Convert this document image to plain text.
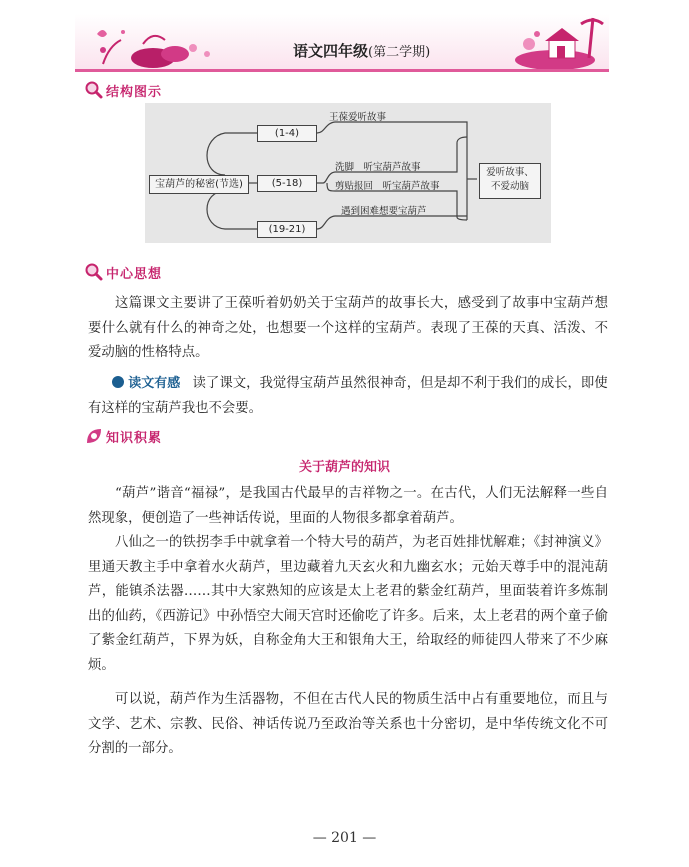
语文四年级(第二学期)
结构图示
宝葫芦的秘密(节选)
(1-4)
(5-18)
(19-21)
王葆爱听故事
洗脚　听宝葫芦故事
剪贴报回　听宝葫芦故事
遇到困难想要宝葫芦
爱听故事、
不爱动脑
中心思想
这篇课文主要讲了王葆听着奶奶关于宝葫芦的故事长大，感受到了故事中宝葫芦想要什么就有什么的神奇之处，也想要一个这样的宝葫芦。表现了王葆的天真、活泼、不爱动脑的性格特点。
读文有感 读了课文，我觉得宝葫芦虽然很神奇，但是却不利于我们的成长，即使有这样的宝葫芦我也不会要。
知识积累
关于葫芦的知识
“葫芦”谐音“福禄”，是我国古代最早的吉祥物之一。在古代，人们无法解释一些自然现象，便创造了一些神话传说，里面的人物很多都拿着葫芦。
八仙之一的铁拐李手中就拿着一个特大号的葫芦，为老百姓排忧解难；《封神演义》里通天教主手中拿着水火葫芦，里边藏着九天玄火和九幽玄水；元始天尊手中的混沌葫芦，能镇杀法器……其中大家熟知的应该是太上老君的紫金红葫芦，里面装着许多炼制出的仙药，《西游记》中孙悟空大闹天宫时还偷吃了许多。后来，太上老君的两个童子偷了紫金红葫芦，下界为妖，自称金角大王和银角大王，给取经的师徒四人带来了不少麻烦。
可以说，葫芦作为生活器物，不但在古代人民的物质生活中占有重要地位，而且与文学、艺术、宗教、民俗、神话传说乃至政治等关系也十分密切，是中华传统文化不可分割的一部分。
— 201 —
